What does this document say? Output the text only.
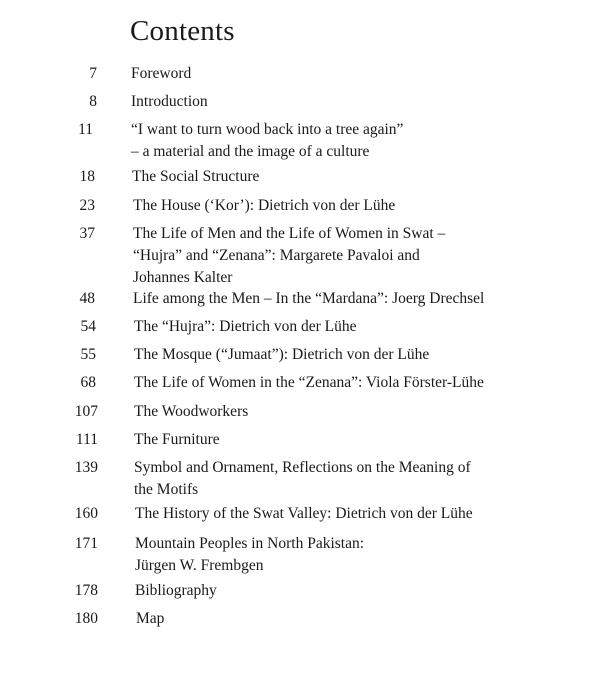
Contents
7 Foreword
8 Introduction
11 “I want to turn wood back into a tree again”
– a material and the image of a culture
18 The Social Structure
23 The House (‘Kor’): Dietrich von der Lühe
37 The Life of Men and the Life of Women in Swat –
“Hujra” and “Zenana”: Margarete Pavaloi and
Johannes Kalter
48 Life among the Men – In the “Mardana”: Joerg Drechsel
54 The “Hujra”: Dietrich von der Lühe
55 The Mosque (“Jumaat”): Dietrich von der Lühe
68 The Life of Women in the “Zenana”: Viola Förster-Lühe
107 The Woodworkers
111 The Furniture
139 Symbol and Ornament, Reflections on the Meaning of
the Motifs
160 The History of the Swat Valley: Dietrich von der Lühe
171 Mountain Peoples in North Pakistan:
Jürgen W. Frembgen
178 Bibliography
180 Map
